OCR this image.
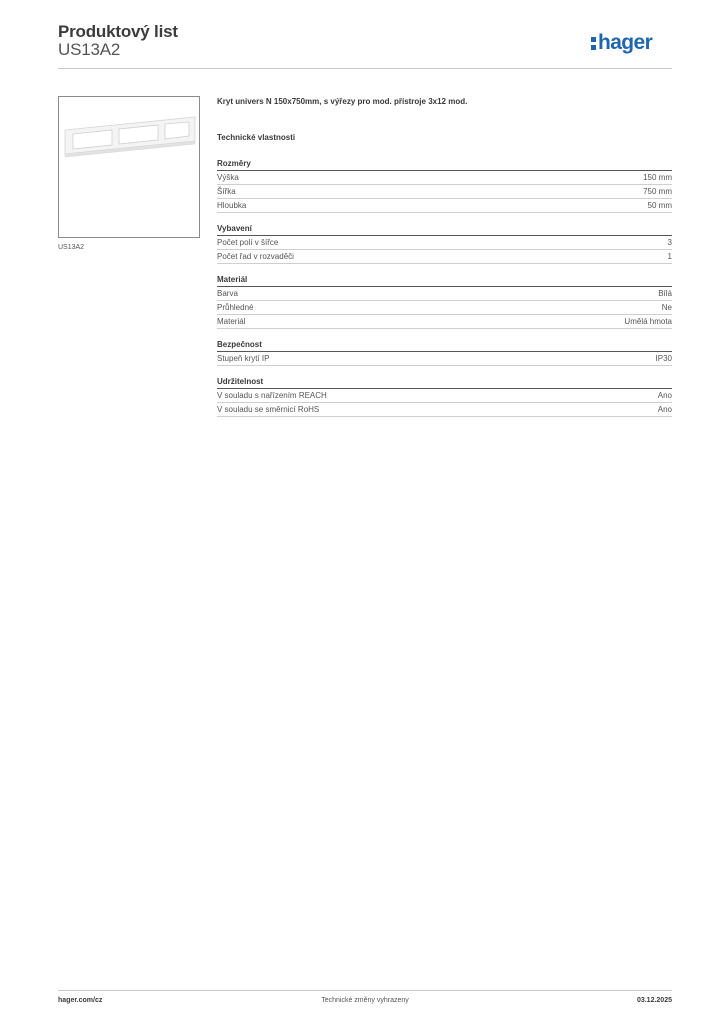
Produktový list
US13A2	hager
US13A2
Kryt univers N 150x750mm, s výřezy pro mod. přístroje 3x12 mod.
Technické vlastnosti
Rozměry
Výška	150 mm
Šířka	750 mm
Hloubka	50 mm
Vybavení
Počet polí v šířce	3
Počet řad v rozvaděči	1
Materiál
Barva	Bílá
Průhledné	Ne
Materiál	Umělá hmota
Bezpečnost
Stupeň krytí IP	IP30
Udržitelnost
V souladu s nařízením REACH	Ano
V souladu se směrnicí RoHS	Ano
hager.com/cz	Technické změny vyhrazeny	03.12.2025
